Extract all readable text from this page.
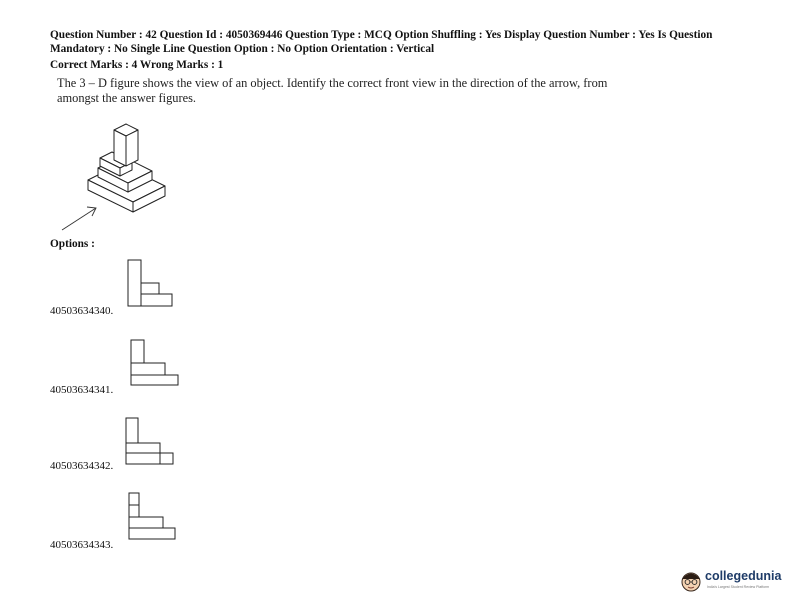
Question Number : 42 Question Id : 4050369446 Question Type : MCQ Option Shuffling : Yes Display Question Number : Yes Is Question Mandatory : No Single Line Question Option : No Option Orientation : Vertical
Correct Marks : 4 Wrong Marks : 1
The 3 – D figure shows the view of an object. Identify the correct front view in the direction of the arrow, from amongst the answer figures.
Options :
40503634340.
40503634341.
40503634342.
40503634343.
collegedunia
India's Largest Student Review Platform
